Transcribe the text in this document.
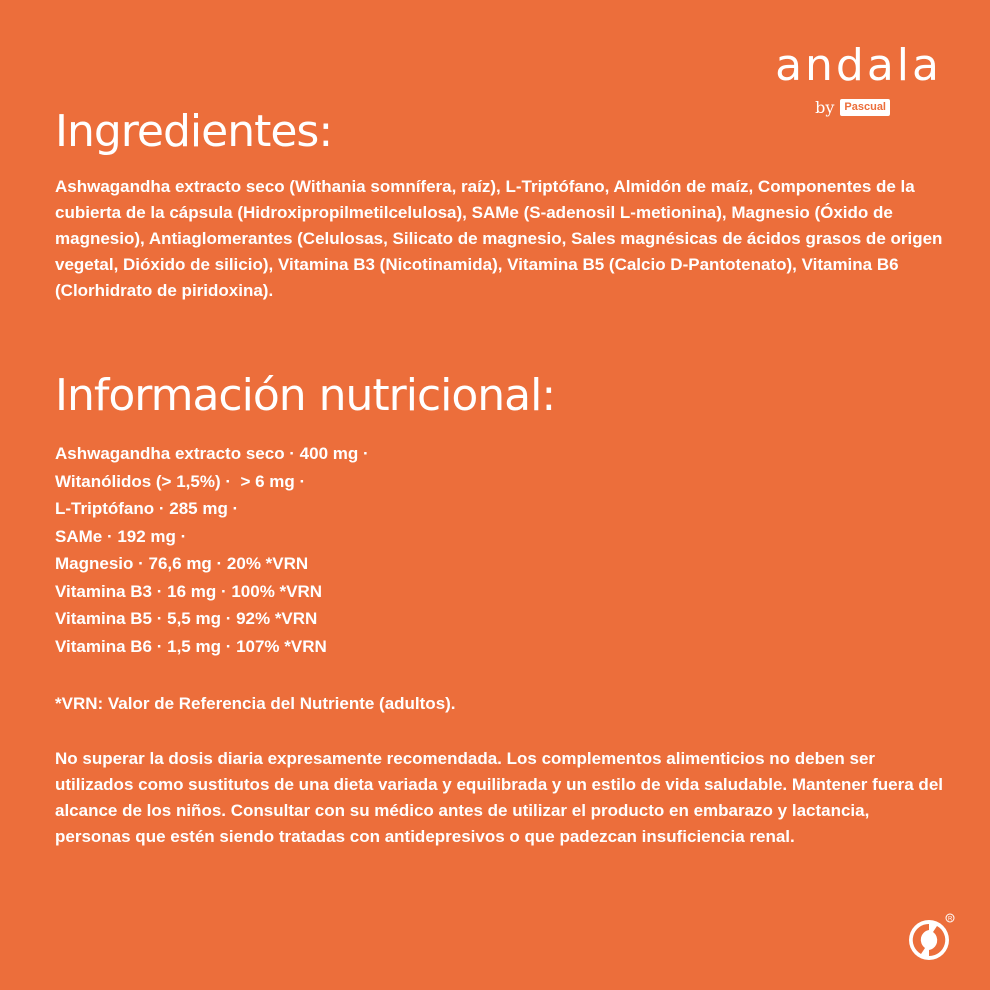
andala
by Pascual
Ingredientes:

Ashwagandha extracto seco (Withania somnífera, raíz), L-Triptófano, Almidón de maíz, Componentes de la cubierta de la cápsula (Hidroxipropilmetilcelulosa), SAMe (S-adenosil L-metionina), Magnesio (Óxido de magnesio), Antiaglomerantes (Celulosas, Silicato de magnesio, Sales magnésicas de ácidos grasos de origen vegetal, Dióxido de silicio), Vitamina B3 (Nicotinamida), Vitamina B5 (Calcio D-Pantotenato), Vitamina B6 (Clorhidrato de piridoxina).

Información nutricional:
Ashwagandha extracto seco · 400 mg ·
Witanólidos (> 1,5%) ·  > 6 mg ·
L-Triptófano · 285 mg ·
SAMe · 192 mg ·
Magnesio · 76,6 mg · 20% *VRN
Vitamina B3 · 16 mg · 100% *VRN
Vitamina B5 · 5,5 mg · 92% *VRN
Vitamina B6 · 1,5 mg · 107% *VRN

*VRN: Valor de Referencia del Nutriente (adultos).

No superar la dosis diaria expresamente recomendada. Los complementos alimenticios no deben ser utilizados como sustitutos de una dieta variada y equilibrada y un estilo de vida saludable. Mantener fuera del alcance de los niños. Consultar con su médico antes de utilizar el producto en embarazo y lactancia, personas que estén siendo tratadas con antidepresivos o que padezcan insuficiencia renal.

R
